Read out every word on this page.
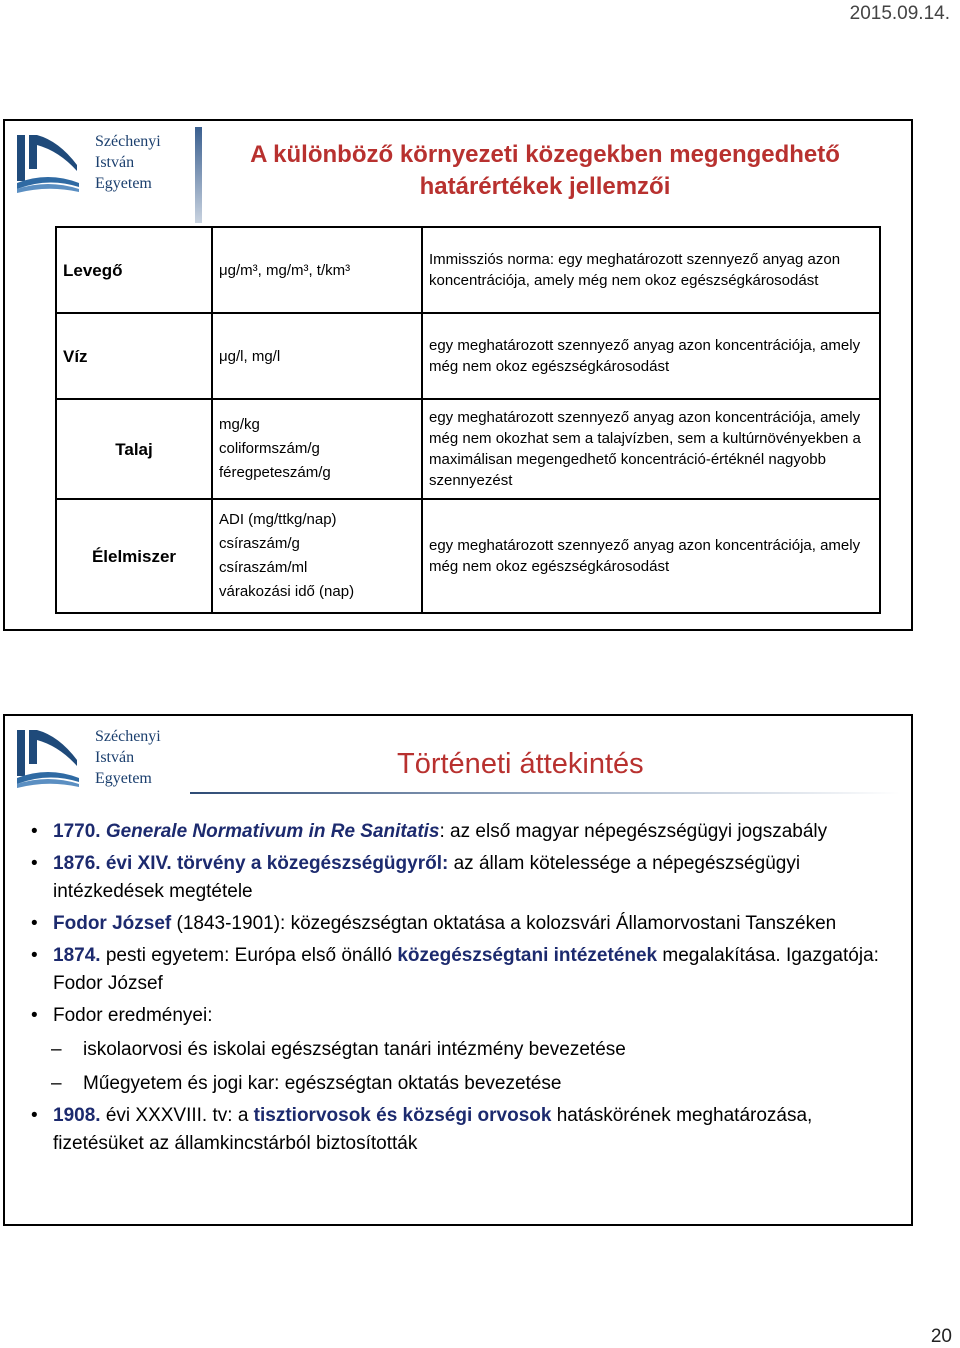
2015.09.14.
Széchenyi
István
Egyetem
A különböző környezeti közegekben megengedhető
határértékek jellemzői
Levegő	μg/m³, mg/m³, t/km³	Immissziós norma: egy meghatározott szennyező anyag azon koncentrációja, amely még nem okoz egészségkárosodást
Víz	μg/l, mg/l	egy meghatározott szennyező anyag azon koncentrációja, amely még nem okoz egészségkárosodást
Talaj	mg/kg
coliformszám/g
féregpeteszám/g	egy meghatározott szennyező anyag azon koncentrációja, amely még nem okozhat sem a talajvízben, sem a kultúrnövényekben a maximálisan megengedhető koncentráció-értéknél nagyobb szennyezést
Élelmiszer	ADI (mg/ttkg/nap)
csíraszám/g
csíraszám/ml
várakozási idő (nap)	egy meghatározott szennyező anyag azon koncentrációja, amely még nem okoz egészségkárosodást
Széchenyi
István
Egyetem	Történeti áttekintés
• 1770. Generale Normativum in Re Sanitatis: az első magyar népegészségügyi jogszabály
• 1876. évi XIV. törvény a közegészségügyről: az állam kötelessége a népegészségügyi intézkedések megtétele
• Fodor József (1843-1901): közegészségtan oktatása a kolozsvári Államorvostani Tanszéken
• 1874. pesti egyetem: Európa első önálló közegészségtani intézetének megalakítása. Igazgatója: Fodor József
• Fodor eredményei:
– iskolaorvosi és iskolai egészségtan tanári intézmény bevezetése
– Műegyetem és jogi kar: egészségtan oktatás bevezetése
• 1908. évi XXXVIII. tv: a tisztiorvosok és községi orvosok hatáskörének meghatározása, fizetésüket az államkincstárból biztosították
20
